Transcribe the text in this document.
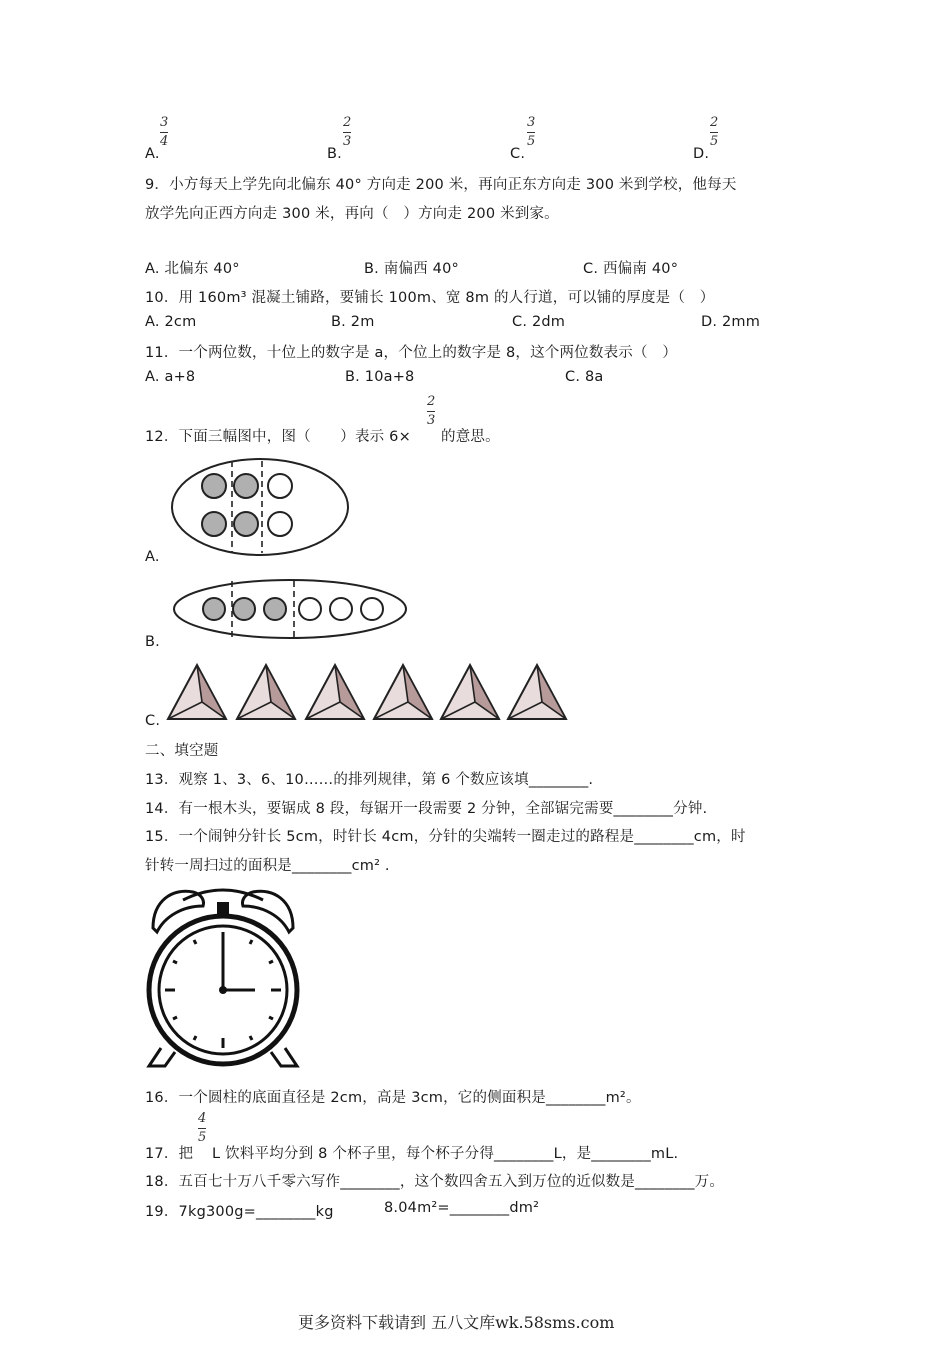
A.
3
4
B.
2
3
C.
3
5
D.
2
5
9．小方每天上学先向北偏东 40° 方向走 200 米，再向正东方向走 300 米到学校，他每天
放学先向正西方向走 300 米，再向（　）方向走 200 米到家。
A. 北偏东 40°	B. 南偏西 40°	C. 西偏南 40°
10．用 160m³ 混凝土铺路，要铺长 100m、宽 8m 的人行道，可以铺的厚度是（　）
A. 2cm	B. 2m	C. 2dm	D. 2mm
11．一个两位数，十位上的数字是 a，个位上的数字是 8，这个两位数表示（　）
A. a+8	B. 10a+8	C. 8a
12．下面三幅图中，图（　　）表示 6×
2
3
的意思。
A.
B.
C.
二、填空题
13．观察 1、3、6、10……的排列规律，第 6 个数应该填________.
14．有一根木头，要锯成 8 段，每锯开一段需要 2 分钟，全部锯完需要________分钟.
15．一个闹钟分针长 5cm，时针长 4cm，分针的尖端转一圈走过的路程是________cm，时
针转一周扫过的面积是________cm² .
16．一个圆柱的底面直径是 2cm，高是 3cm，它的侧面积是________m²。
17．把
4
5
L 饮料平均分到 8 个杯子里，每个杯子分得________L，是________mL.
18．五百七十万八千零六写作________，这个数四舍五入到万位的近似数是________万。
19．7kg300g=________kg	8.04m²=________dm²
更多资料下载请到 五八文库wk.58sms.com
